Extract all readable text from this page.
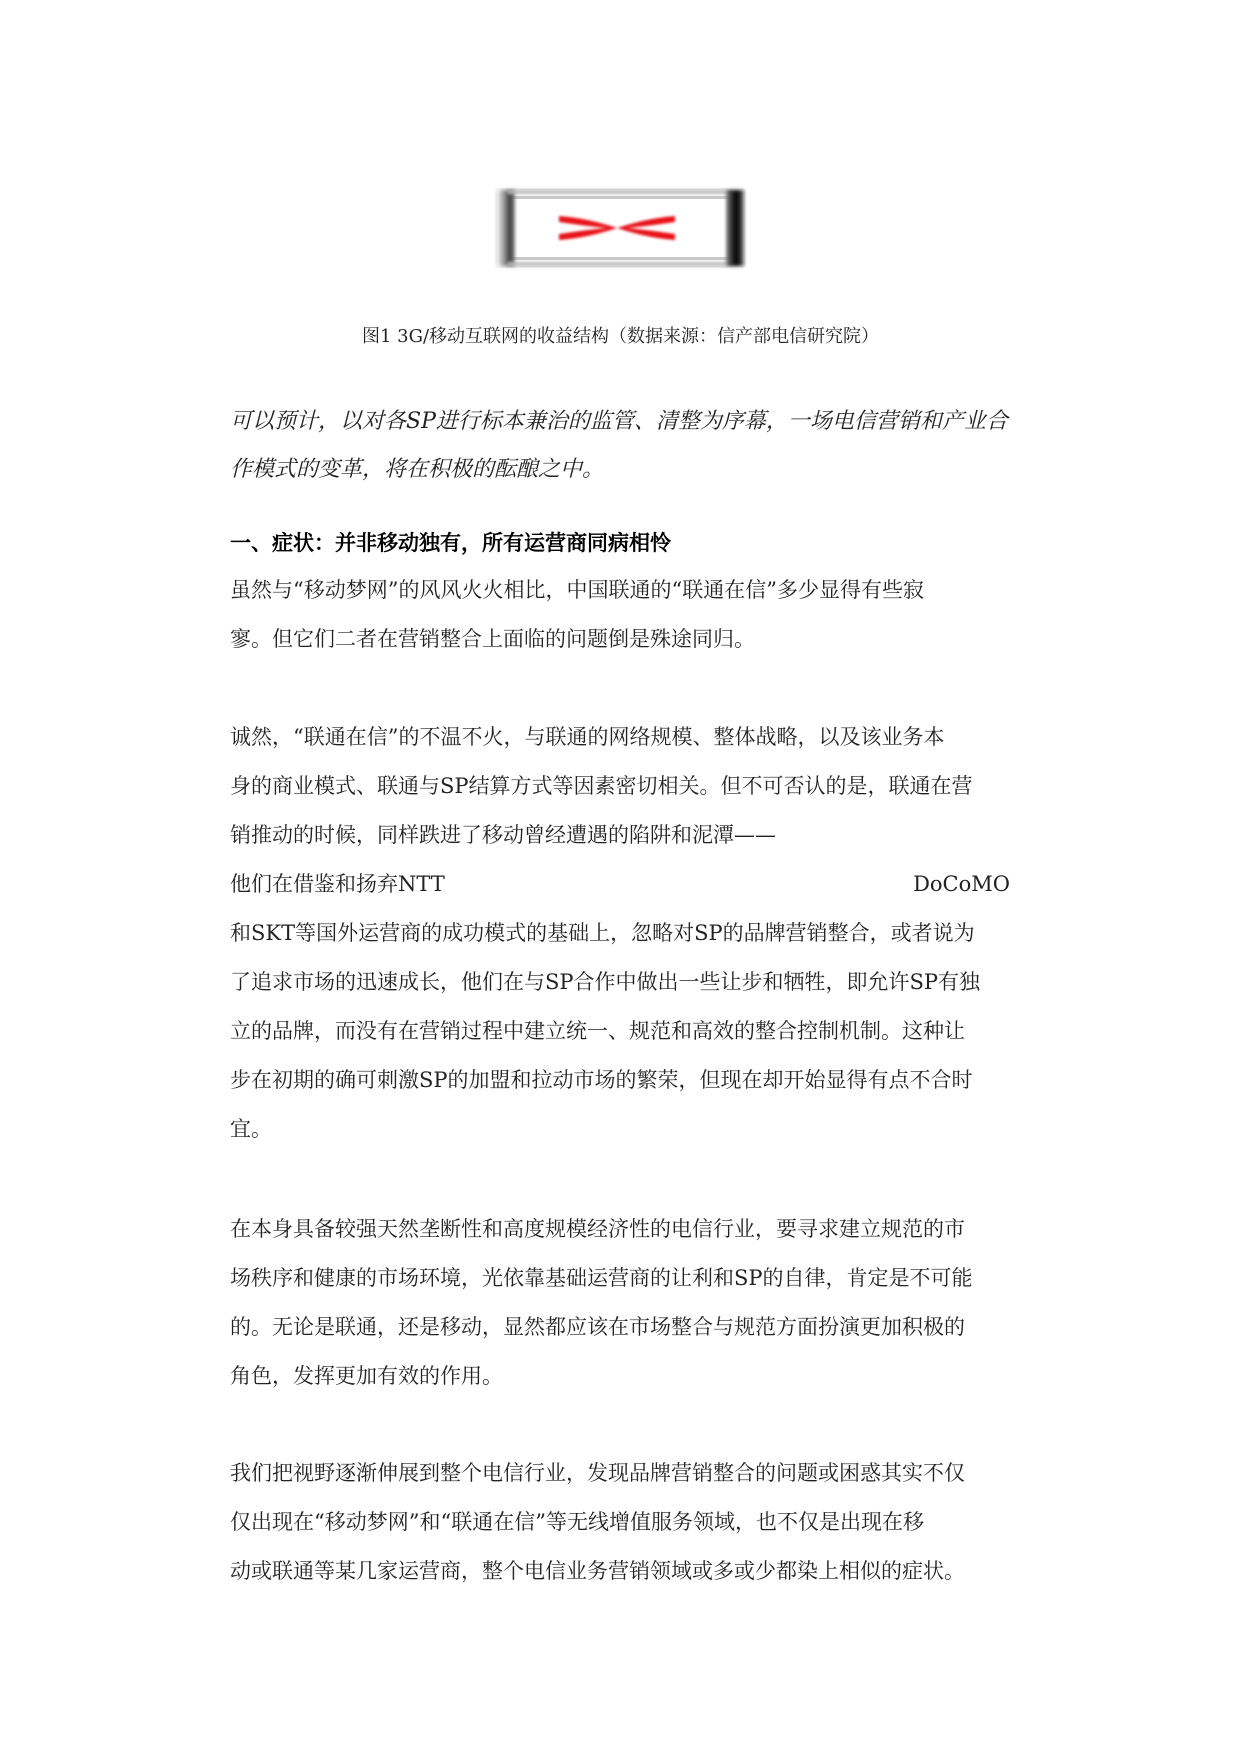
图1 3G/移动互联网的收益结构（数据来源：信产部电信研究院）
可以预计，以对各SP进行标本兼治的监管、清整为序幕，一场电信营销和产业合
作模式的变革，将在积极的酝酿之中。
一、症状：并非移动独有，所有运营商同病相怜
虽然与“移动梦网”的风风火火相比，中国联通的“联通在信”多少显得有些寂
寥。但它们二者在营销整合上面临的问题倒是殊途同归。
诚然，“联通在信”的不温不火，与联通的网络规模、整体战略，以及该业务本
身的商业模式、联通与SP结算方式等因素密切相关。但不可否认的是，联通在营
销推动的时候，同样跌进了移动曾经遭遇的陷阱和泥潭——
他们在借鉴和扬弃NTT	DoCoMO
和SKT等国外运营商的成功模式的基础上，忽略对SP的品牌营销整合，或者说为
了追求市场的迅速成长，他们在与SP合作中做出一些让步和牺牲，即允许SP有独
立的品牌，而没有在营销过程中建立统一、规范和高效的整合控制机制。这种让
步在初期的确可刺激SP的加盟和拉动市场的繁荣，但现在却开始显得有点不合时
宜。
在本身具备较强天然垄断性和高度规模经济性的电信行业，要寻求建立规范的市
场秩序和健康的市场环境，光依靠基础运营商的让利和SP的自律，肯定是不可能
的。无论是联通，还是移动，显然都应该在市场整合与规范方面扮演更加积极的
角色，发挥更加有效的作用。
我们把视野逐渐伸展到整个电信行业，发现品牌营销整合的问题或困惑其实不仅
仅出现在“移动梦网”和“联通在信”等无线增值服务领域，也不仅是出现在移
动或联通等某几家运营商，整个电信业务营销领域或多或少都染上相似的症状。
